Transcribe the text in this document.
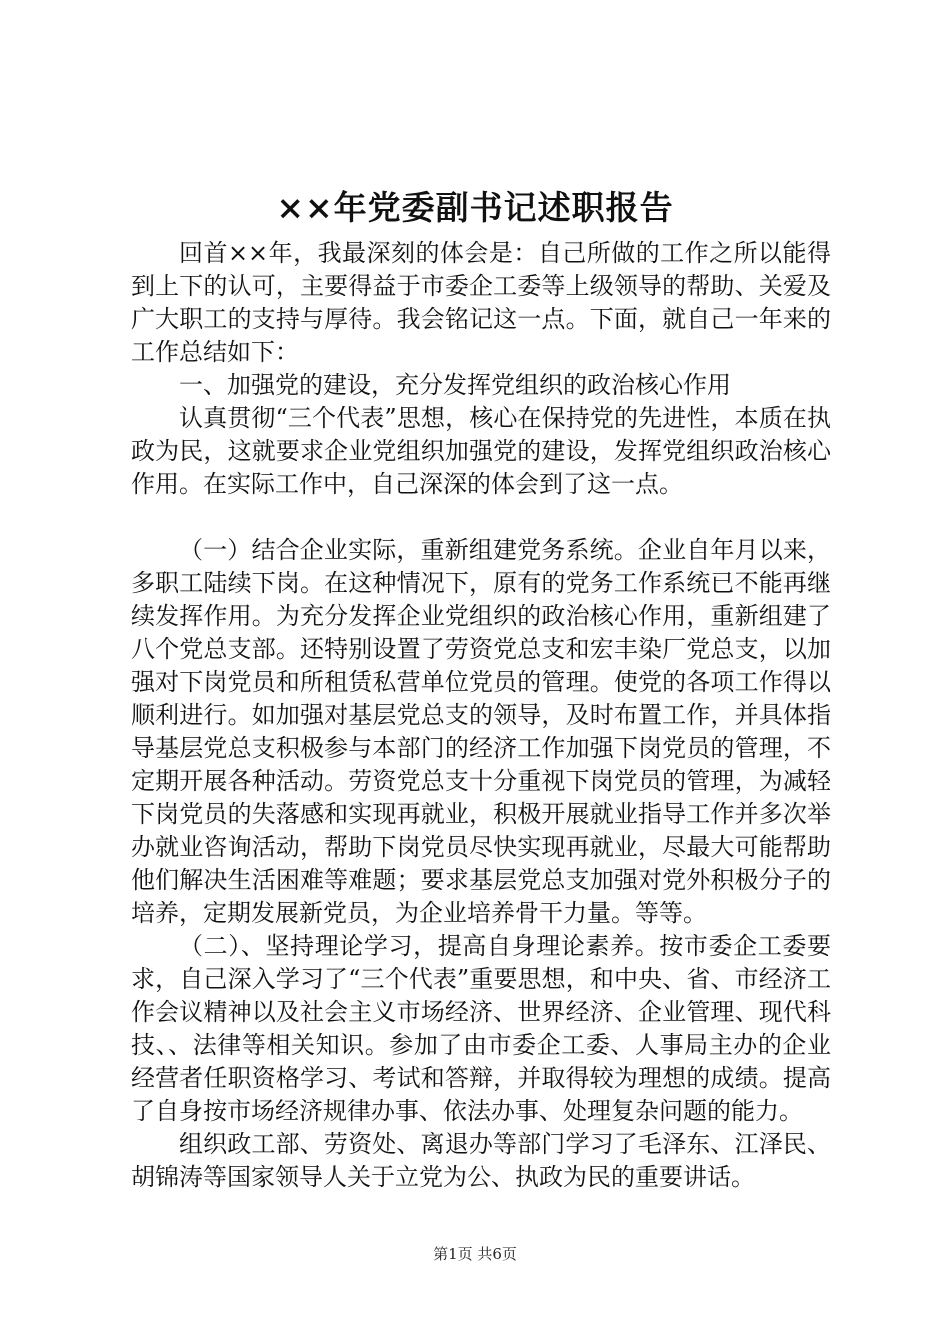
××年党委副书记述职报告

回首××年，我最深刻的体会是：自己所做的工作之所以能得到上下的认可，主要得益于市委企工委等上级领导的帮助、关爱及广大职工的支持与厚待。我会铭记这一点。下面，就自己一年来的工作总结如下：

一、加强党的建设，充分发挥党组织的政治核心作用

认真贯彻“三个代表”思想，核心在保持党的先进性，本质在执政为民，这就要求企业党组织加强党的建设，发挥党组织政治核心作用。在实际工作中，自己深深的体会到了这一点。

（一）结合企业实际，重新组建党务系统。企业自年月以来，多职工陆续下岗。在这种情况下，原有的党务工作系统已不能再继续发挥作用。为充分发挥企业党组织的政治核心作用，重新组建了八个党总支部。还特别设置了劳资党总支和宏丰染厂党总支，以加强对下岗党员和所租赁私营单位党员的管理。使党的各项工作得以顺利进行。如加强对基层党总支的领导，及时布置工作，并具体指导基层党总支积极参与本部门的经济工作加强下岗党员的管理，不定期开展各种活动。劳资党总支十分重视下岗党员的管理，为减轻下岗党员的失落感和实现再就业，积极开展就业指导工作并多次举办就业咨询活动，帮助下岗党员尽快实现再就业，尽最大可能帮助他们解决生活困难等难题；要求基层党总支加强对党外积极分子的培养，定期发展新党员，为企业培养骨干力量。等等。

（二）、坚持理论学习，提高自身理论素养。按市委企工委要求，自己深入学习了“三个代表”重要思想，和中央、省、市经济工作会议精神以及社会主义市场经济、世界经济、企业管理、现代科技、、法律等相关知识。参加了由市委企工委、人事局主办的企业经营者任职资格学习、考试和答辩，并取得较为理想的成绩。提高了自身按市场经济规律办事、依法办事、处理复杂问题的能力。

组织政工部、劳资处、离退办等部门学习了毛泽东、江泽民、胡锦涛等国家领导人关于立党为公、执政为民的重要讲话。

第1页 共6页
